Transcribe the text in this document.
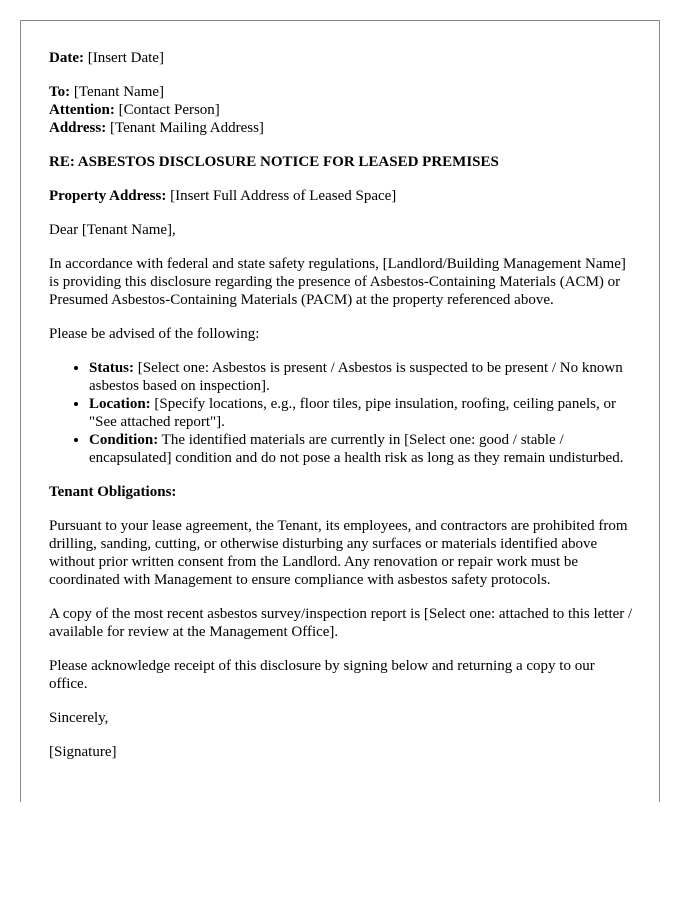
Date: [Insert Date]
To: [Tenant Name]
Attention: [Contact Person]
Address: [Tenant Mailing Address]
RE: ASBESTOS DISCLOSURE NOTICE FOR LEASED PREMISES
Property Address: [Insert Full Address of Leased Space]
Dear [Tenant Name],
In accordance with federal and state safety regulations, [Landlord/Building Management Name] is providing this disclosure regarding the presence of Asbestos-Containing Materials (ACM) or Presumed Asbestos-Containing Materials (PACM) at the property referenced above.
Please be advised of the following:
• Status: [Select one: Asbestos is present / Asbestos is suspected to be present / No known asbestos based on inspection].
• Location: [Specify locations, e.g., floor tiles, pipe insulation, roofing, ceiling panels, or "See attached report"].
• Condition: The identified materials are currently in [Select one: good / stable / encapsulated] condition and do not pose a health risk as long as they remain undisturbed.
Tenant Obligations:
Pursuant to your lease agreement, the Tenant, its employees, and contractors are prohibited from drilling, sanding, cutting, or otherwise disturbing any surfaces or materials identified above without prior written consent from the Landlord. Any renovation or repair work must be coordinated with Management to ensure compliance with asbestos safety protocols.
A copy of the most recent asbestos survey/inspection report is [Select one: attached to this letter / available for review at the Management Office].
Please acknowledge receipt of this disclosure by signing below and returning a copy to our office.
Sincerely,
[Signature]
